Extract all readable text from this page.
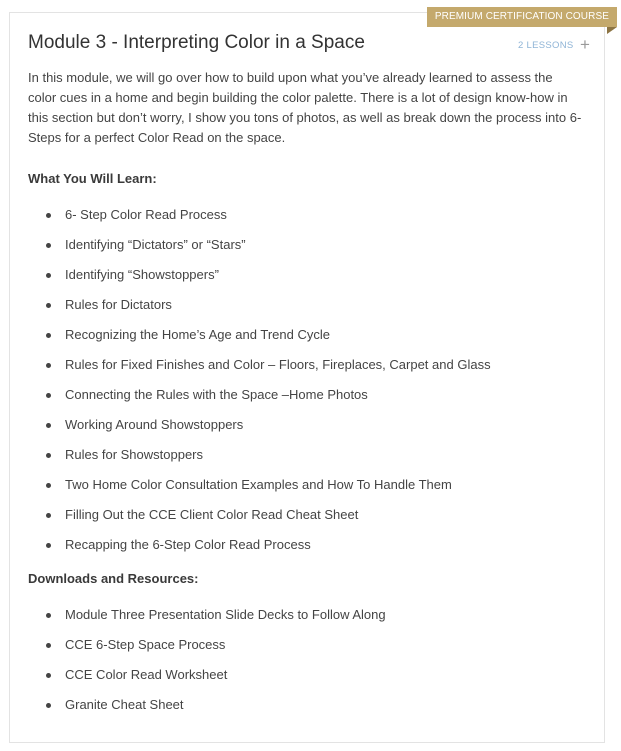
PREMIUM CERTIFICATION COURSE
Module 3 - Interpreting Color in a Space	2 LESSONS +

In this module, we will go over how to build upon what you’ve already learned to assess the color cues in a home and begin building the color palette. There is a lot of design know-how in this section but don’t worry, I show you tons of photos, as well as break down the process into 6-Steps for a perfect Color Read on the space.

What You Will Learn:
6- Step Color Read Process
Identifying “Dictators” or “Stars”
Identifying “Showstoppers”
Rules for Dictators
Recognizing the Home’s Age and Trend Cycle
Rules for Fixed Finishes and Color – Floors, Fireplaces, Carpet and Glass
Connecting the Rules with the Space –Home Photos
Working Around Showstoppers
Rules for Showstoppers
Two Home Color Consultation Examples and How To Handle Them
Filling Out the CCE Client Color Read Cheat Sheet
Recapping the 6-Step Color Read Process
Downloads and Resources:
Module Three Presentation Slide Decks to Follow Along
CCE 6-Step Space Process
CCE Color Read Worksheet
Granite Cheat Sheet
